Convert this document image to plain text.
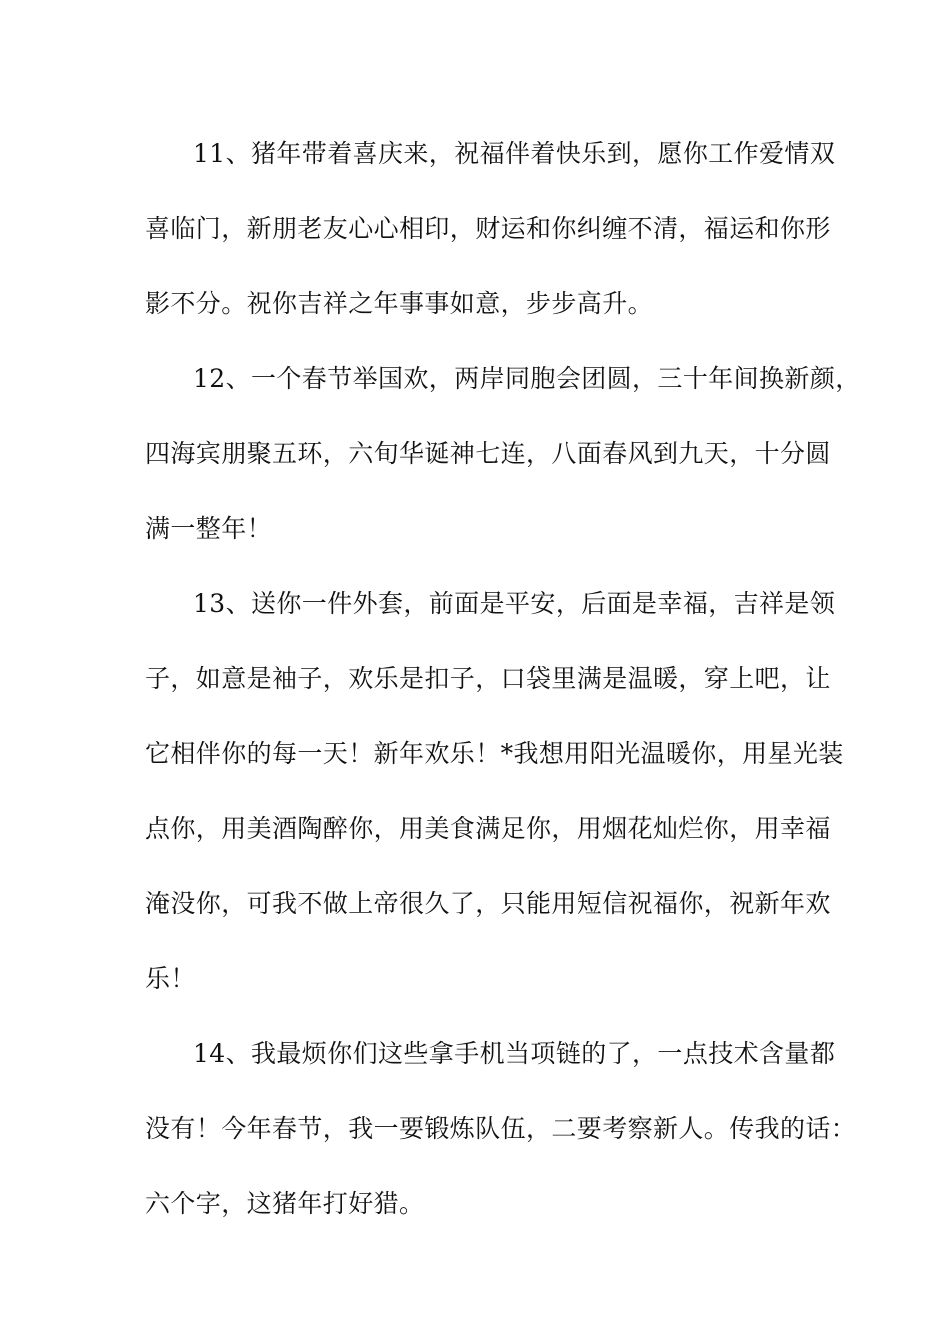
11、猪年带着喜庆来，祝福伴着快乐到，愿你工作爱情双
喜临门，新朋老友心心相印，财运和你纠缠不清，福运和你形
影不分。祝你吉祥之年事事如意，步步高升。
12、一个春节举国欢，两岸同胞会团圆，三十年间换新颜，
四海宾朋聚五环，六旬华诞神七连，八面春风到九天，十分圆
满一整年！
13、送你一件外套，前面是平安，后面是幸福，吉祥是领
子，如意是袖子，欢乐是扣子，口袋里满是温暖，穿上吧，让
它相伴你的每一天！新年欢乐！*我想用阳光温暖你，用星光装
点你，用美酒陶醉你，用美食满足你，用烟花灿烂你，用幸福
淹没你，可我不做上帝很久了，只能用短信祝福你，祝新年欢
乐！
14、我最烦你们这些拿手机当项链的了，一点技术含量都
没有！今年春节，我一要锻炼队伍，二要考察新人。传我的话：
六个字，这猪年打好猎。
